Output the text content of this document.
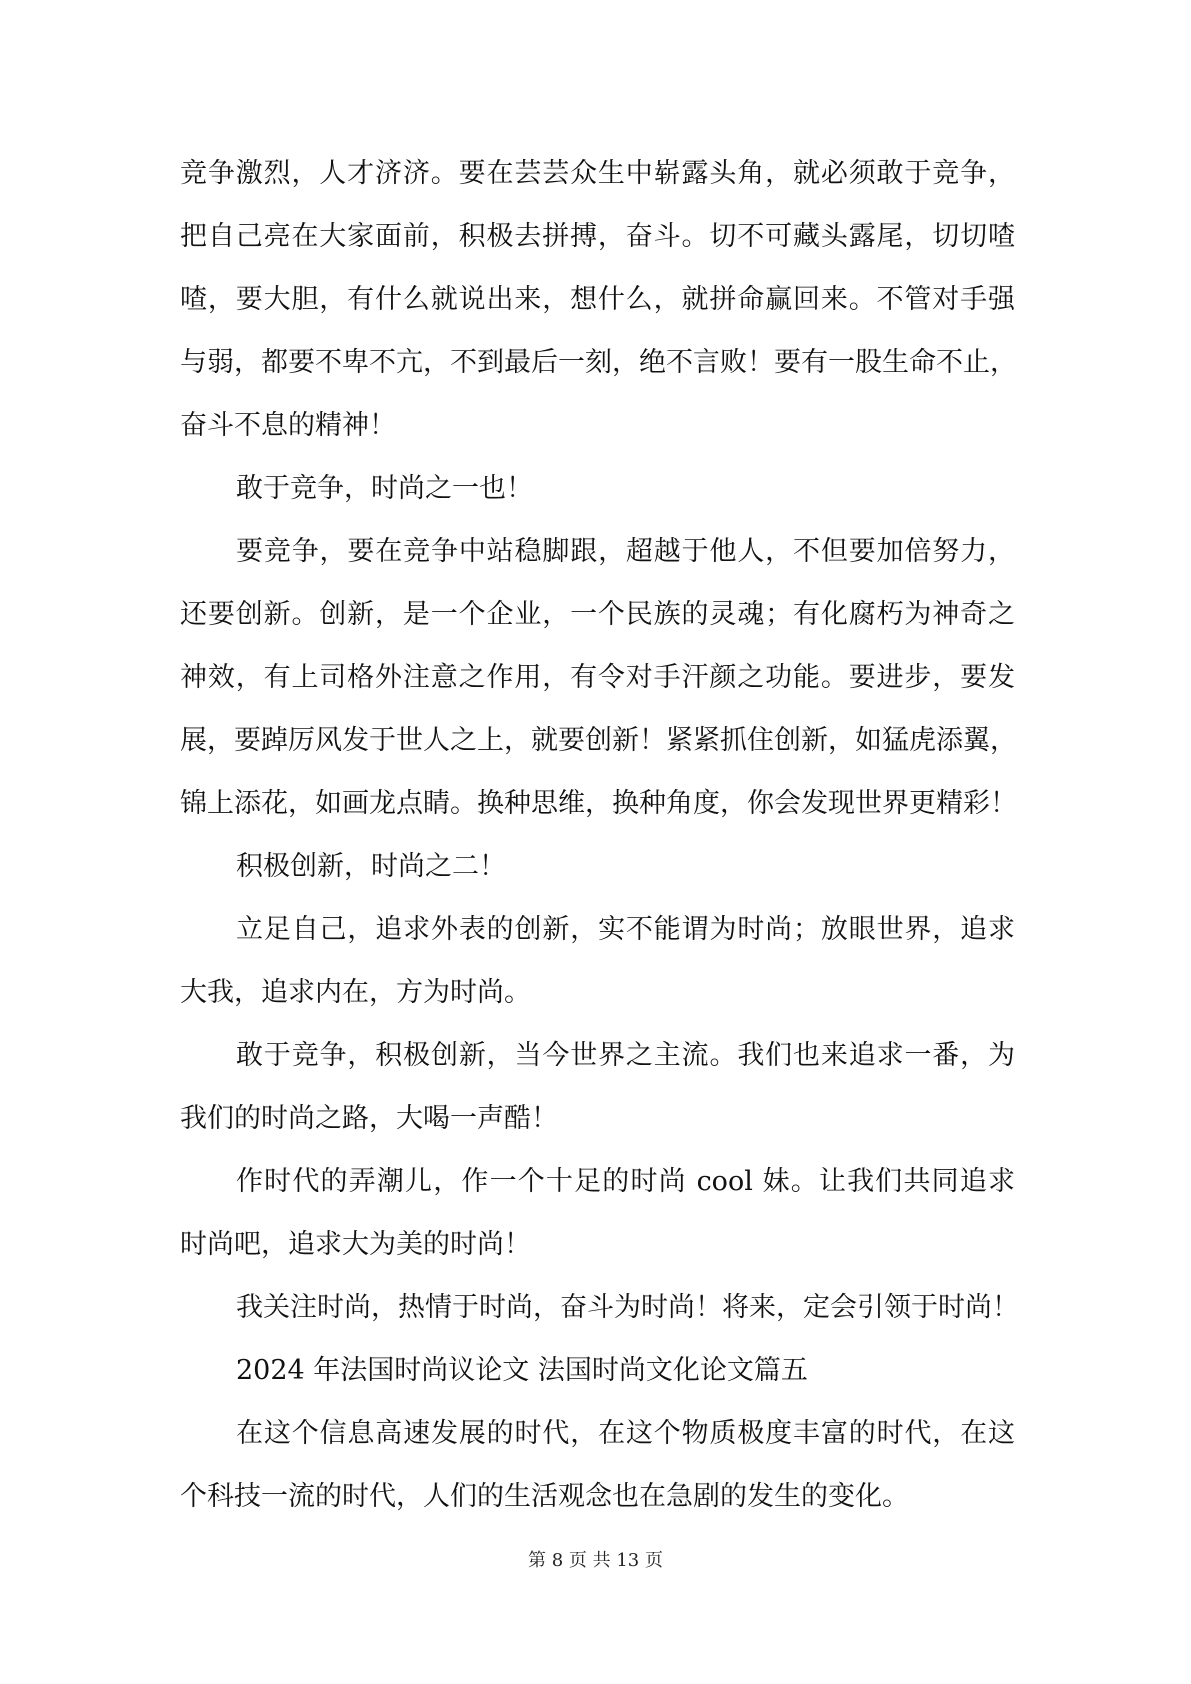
竞争激烈，人才济济。要在芸芸众生中崭露头角，就必须敢于竞争，
把自己亮在大家面前，积极去拼搏，奋斗。切不可藏头露尾，切切喳
喳，要大胆，有什么就说出来，想什么，就拼命赢回来。不管对手强
与弱，都要不卑不亢，不到最后一刻，绝不言败！要有一股生命不止，
奋斗不息的精神！
敢于竞争，时尚之一也！
要竞争，要在竞争中站稳脚跟，超越于他人，不但要加倍努力，
还要创新。创新，是一个企业，一个民族的灵魂；有化腐朽为神奇之
神效，有上司格外注意之作用，有令对手汗颜之功能。要进步，要发
展，要踔厉风发于世人之上，就要创新！紧紧抓住创新，如猛虎添翼，
锦上添花，如画龙点睛。换种思维，换种角度，你会发现世界更精彩！
积极创新，时尚之二！
立足自己，追求外表的创新，实不能谓为时尚；放眼世界，追求
大我，追求内在，方为时尚。
敢于竞争，积极创新，当今世界之主流。我们也来追求一番，为
我们的时尚之路，大喝一声酷！
作时代的弄潮儿，作一个十足的时尚 cool 妹。让我们共同追求
时尚吧，追求大为美的时尚！
我关注时尚，热情于时尚，奋斗为时尚！将来，定会引领于时尚！
2024 年法国时尚议论文 法国时尚文化论文篇五
在这个信息高速发展的时代，在这个物质极度丰富的时代，在这
个科技一流的时代，人们的生活观念也在急剧的发生的变化。
第 8 页 共 13 页
